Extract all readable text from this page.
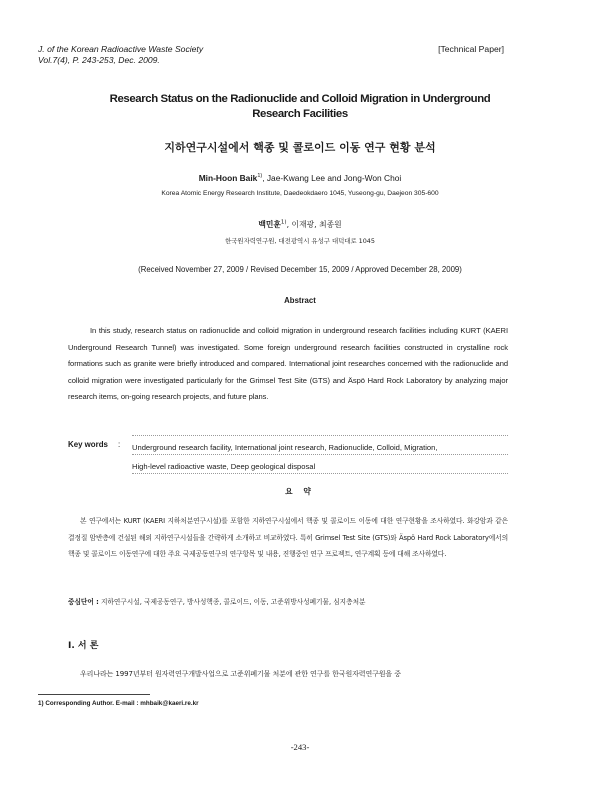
J. of the Korean Radioactive Waste Society
Vol.7(4), P. 243-253, Dec. 2009.
[Technical Paper]
Research Status on the Radionuclide and Colloid Migration in Underground
Research Facilities
지하연구시설에서 핵종 및 콜로이드 이동 연구 현황 분석
Min-Hoon Baik$^{1)}$, Jae-Kwang Lee and Jong-Won Choi
Korea Atomic Energy Research Institute, Daedeokdaero 1045, Yuseong-gu, Daejeon 305-600
백민훈$^{1)}$, 이재광, 최종원
한국원자력연구원, 대전광역시 유성구 대덕대로 1045
(Received November 27, 2009 / Revised December 15, 2009 / Approved December 28, 2009)
Abstract
In this study, research status on radionuclide and colloid migration in underground research facilities including KURT (KAERI Underground Research Tunnel) was investigated. Some foreign underground research facilities constructed in crystalline rock formations such as granite were briefly introduced and compared. International joint researches concerned with the radionuclide and colloid migration were investigated particularly for the Grimsel Test Site (GTS) and Äspö Hard Rock Laboratory by analyzing major research items, on-going research projects, and future plans.
Key words : Underground research facility, International joint research, Radionuclide, Colloid, Migration,
High-level radioactive waste, Deep geological disposal
요 약
본 연구에서는 KURT (KAERI 지하처분연구시설)를 포함한 지하연구시설에서 핵종 및 콜로이드 이동에 대한 연구현황을 조사하였다. 화강암과 같은 결정질 암반층에 건설된 해외 지하연구시설들을 간략하게 소개하고 비교하였다. 특히 Grimsel Test Site (GTS)와 Äspö Hard Rock Laboratory에서의 핵종 및 콜로이드 이동연구에 대한 주요 국제공동연구의 연구항목 및 내용, 진행중인 연구 프로젝트, 연구계획 등에 대해 조사하였다.
중심단어 : 지하연구시설, 국제공동연구, 방사성핵종, 콜로이드, 이동, 고준위방사성폐기물, 심지층처분
I. 서 론
우리나라는 1997년부터 원자력연구개발사업으로 고준위폐기물 처분에 관한 연구를 한국원자력연구원을 중
1) Corresponding Author. E-mail : mhbaik@kaeri.re.kr
-243-
